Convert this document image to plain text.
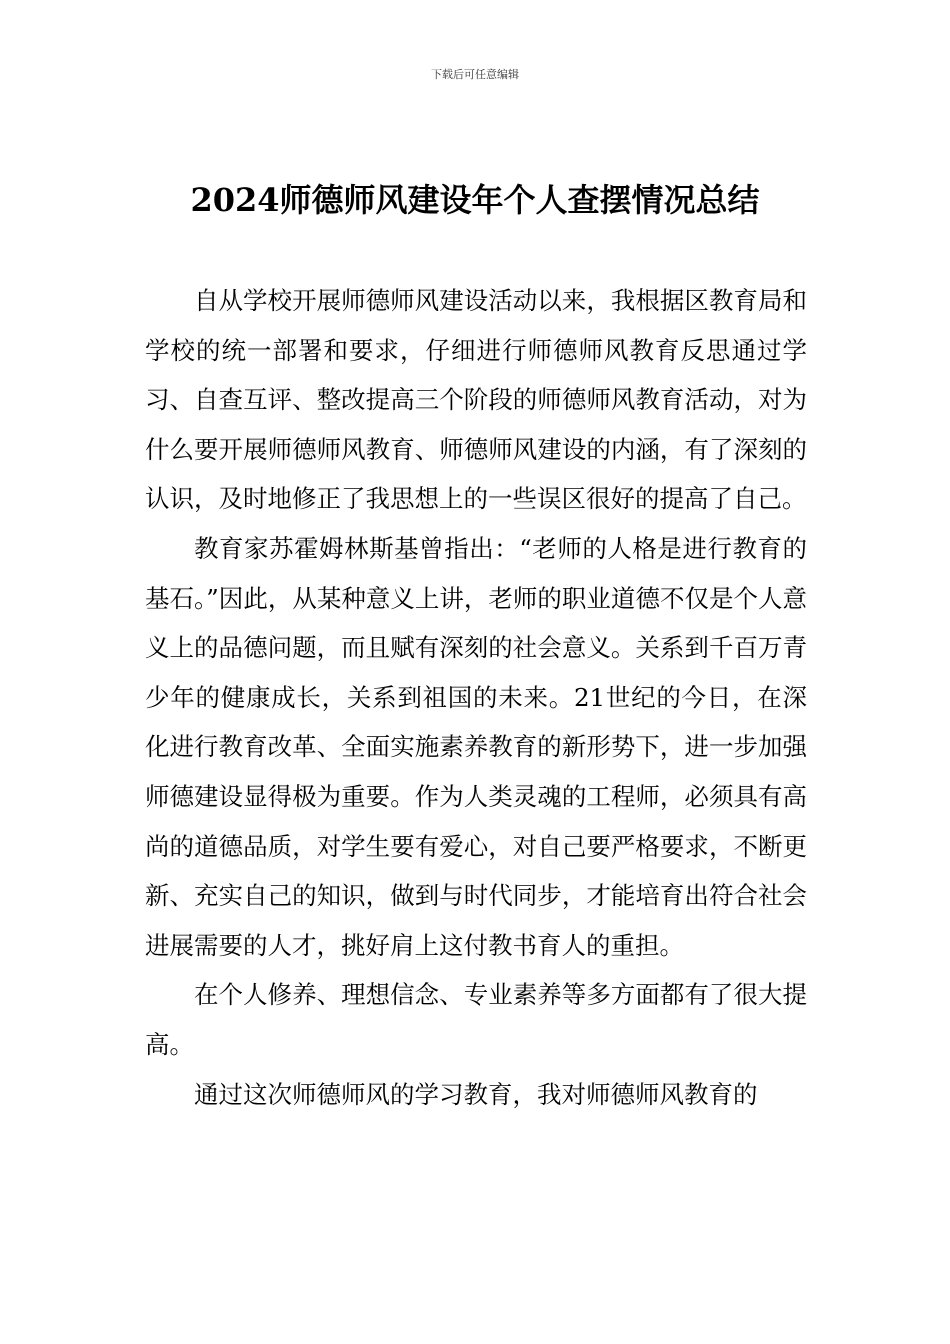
下载后可任意编辑
2024师德师风建设年个人查摆情况总结

自从学校开展师德师风建设活动以来，我根据区教育局和学校的统一部署和要求，仔细进行师德师风教育反思通过学习、自查互评、整改提高三个阶段的师德师风教育活动，对为什么要开展师德师风教育、师德师风建设的内涵，有了深刻的认识，及时地修正了我思想上的一些误区很好的提高了自己。

教育家苏霍姆林斯基曾指出：“老师的人格是进行教育的基石。”因此，从某种意义上讲，老师的职业道德不仅是个人意义上的品德问题，而且赋有深刻的社会意义。关系到千百万青少年的健康成长，关系到祖国的未来。21世纪的今日，在深化进行教育改革、全面实施素养教育的新形势下，进一步加强师德建设显得极为重要。作为人类灵魂的工程师，必须具有高尚的道德品质，对学生要有爱心，对自己要严格要求，不断更新、充实自己的知识，做到与时代同步，才能培育出符合社会进展需要的人才，挑好肩上这付教书育人的重担。

在个人修养、理想信念、专业素养等多方面都有了很大提高。

通过这次师德师风的学习教育，我对师德师风教育的
